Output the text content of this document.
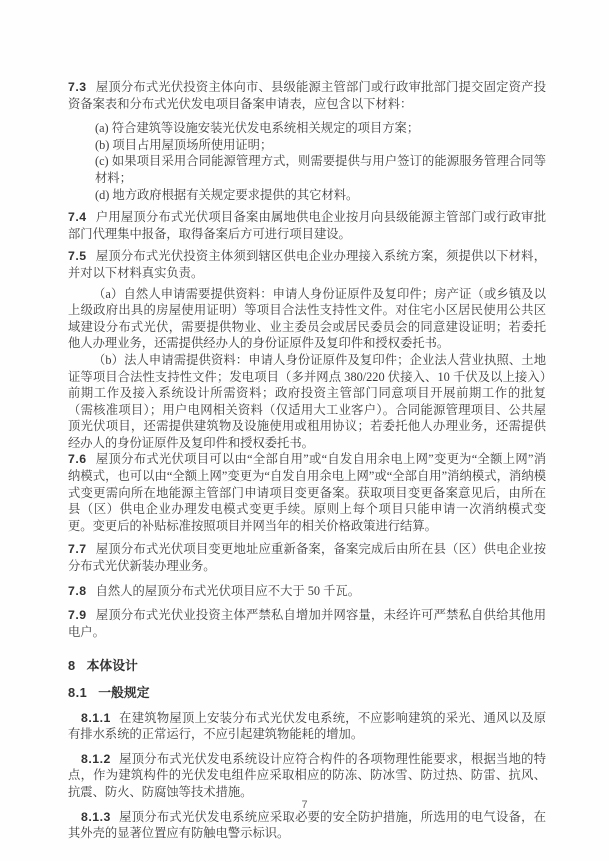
7.3 屋顶分布式光伏投资主体向市、县级能源主管部门或行政审批部门提交固定资产投资备案表和分布式光伏发电项目备案申请表，应包含以下材料：

(a) 符合建筑等设施安装光伏发电系统相关规定的项目方案；

(b) 项目占用屋顶场所使用证明；

(c) 如果项目采用合同能源管理方式，则需要提供与用户签订的能源服务管理合同等材料；

(d) 地方政府根据有关规定要求提供的其它材料。

7.4 户用屋顶分布式光伏项目备案由属地供电企业按月向县级能源主管部门或行政审批部门代理集中报备，取得备案后方可进行项目建设。

7.5 屋顶分布式光伏投资主体须到辖区供电企业办理接入系统方案，须提供以下材料，并对以下材料真实负责。

（a）自然人申请需要提供资料：申请人身份证原件及复印件；房产证（或乡镇及以上级政府出具的房屋使用证明）等项目合法性支持性文件。对住宅小区居民使用公共区域建设分布式光伏，需要提供物业、业主委员会或居民委员会的同意建设证明；若委托他人办理业务，还需提供经办人的身份证原件及复印件和授权委托书。

（b）法人申请需提供资料：申请人身份证原件及复印件；企业法人营业执照、土地证等项目合法性支持性文件；发电项目（多并网点 380/220 伏接入、10 千伏及以上接入）前期工作及接入系统设计所需资料；政府投资主管部门同意项目开展前期工作的批复（需核准项目）；用户电网相关资料（仅适用大工业客户）。合同能源管理项目、公共屋顶光伏项目，还需提供建筑物及设施使用或租用协议；若委托他人办理业务，还需提供经办人的身份证原件及复印件和授权委托书。

7.6 屋顶分布式光伏项目可以由“全部自用”或“自发自用余电上网”变更为“全额上网”消纳模式，也可以由“全额上网”变更为“自发自用余电上网”或“全部自用”消纳模式，消纳模式变更需向所在地能源主管部门申请项目变更备案。获取项目变更备案意见后，由所在县（区）供电企业办理发电模式变更手续。原则上每个项目只能申请一次消纳模式变更。变更后的补贴标准按照项目并网当年的相关价格政策进行结算。

7.7 屋顶分布式光伏项目变更地址应重新备案，备案完成后由所在县（区）供电企业按分布式光伏新装办理业务。

7.8 自然人的屋顶分布式光伏项目应不大于 50 千瓦。

7.9 屋顶分布式光伏业投资主体严禁私自增加并网容量，未经许可严禁私自供给其他用电户。

8 本体设计

8.1 一般规定

8.1.1 在建筑物屋顶上安装分布式光伏发电系统，不应影响建筑的采光、通风以及原有排水系统的正常运行，不应引起建筑物能耗的增加。

8.1.2 屋顶分布式光伏发电系统设计应符合构件的各项物理性能要求，根据当地的特点，作为建筑构件的光伏发电组件应采取相应的防冻、防冰雪、防过热、防雷、抗风、抗震、防火、防腐蚀等技术措施。

8.1.3 屋顶分布式光伏发电系统应采取必要的安全防护措施，所选用的电气设备，在其外壳的显著位置应有防触电警示标识。

7
